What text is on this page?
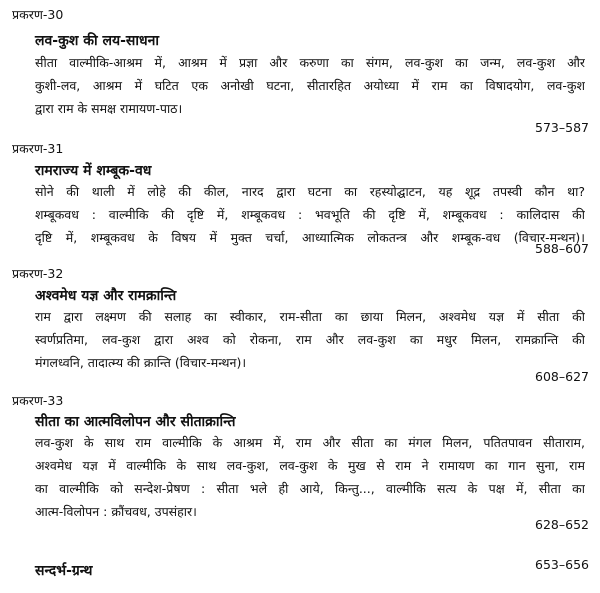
प्रकरण-30
लव-कुश की लय-साधना
सीता वाल्मीकि-आश्रम में, आश्रम में प्रज्ञा और करुणा का संगम, लव-कुश का जन्म, लव-कुश और
कुशी-लव, आश्रम में घटित एक अनोखी घटना, सीतारहित अयोध्या में राम का विषादयोग, लव-कुश
द्वारा राम के समक्ष रामायण-पाठ।
573–587
प्रकरण-31
रामराज्य में शम्बूक-वध
सोने की थाली में लोहे की कील, नारद द्वारा घटना का रहस्योद्घाटन, यह शूद्र तपस्वी कौन था?
शम्बूकवध : वाल्मीकि की दृष्टि में, शम्बूकवध : भवभूति की दृष्टि में, शम्बूकवध : कालिदास की
दृष्टि में, शम्बूकवध के विषय में मुक्त चर्चा, आध्यात्मिक लोकतन्त्र और शम्बूक-वध (विचार-मन्थन)।
588–607
प्रकरण-32
अश्वमेध यज्ञ और रामक्रान्ति
राम द्वारा लक्ष्मण की सलाह का स्वीकार, राम-सीता का छाया मिलन, अश्वमेध यज्ञ में सीता की
स्वर्णप्रतिमा, लव-कुश द्वारा अश्व को रोकना, राम और लव-कुश का मधुर मिलन, रामक्रान्ति की
मंगलध्वनि, तादात्म्य की क्रान्ति (विचार-मन्थन)।
608–627
प्रकरण-33
सीता का आत्मविलोपन और सीताक्रान्ति
लव-कुश के साथ राम वाल्मीकि के आश्रम में, राम और सीता का मंगल मिलन, पतितपावन सीताराम,
अश्वमेध यज्ञ में वाल्मीकि के साथ लव-कुश, लव-कुश के मुख से राम ने रामायण का गान सुना, राम
का वाल्मीकि को सन्देश-प्रेषण : सीता भले ही आये, किन्तु..., वाल्मीकि सत्य के पक्ष में, सीता का
आत्म-विलोपन : क्रौंचवध, उपसंहार।
628–652
सन्दर्भ-ग्रन्थ	653–656
